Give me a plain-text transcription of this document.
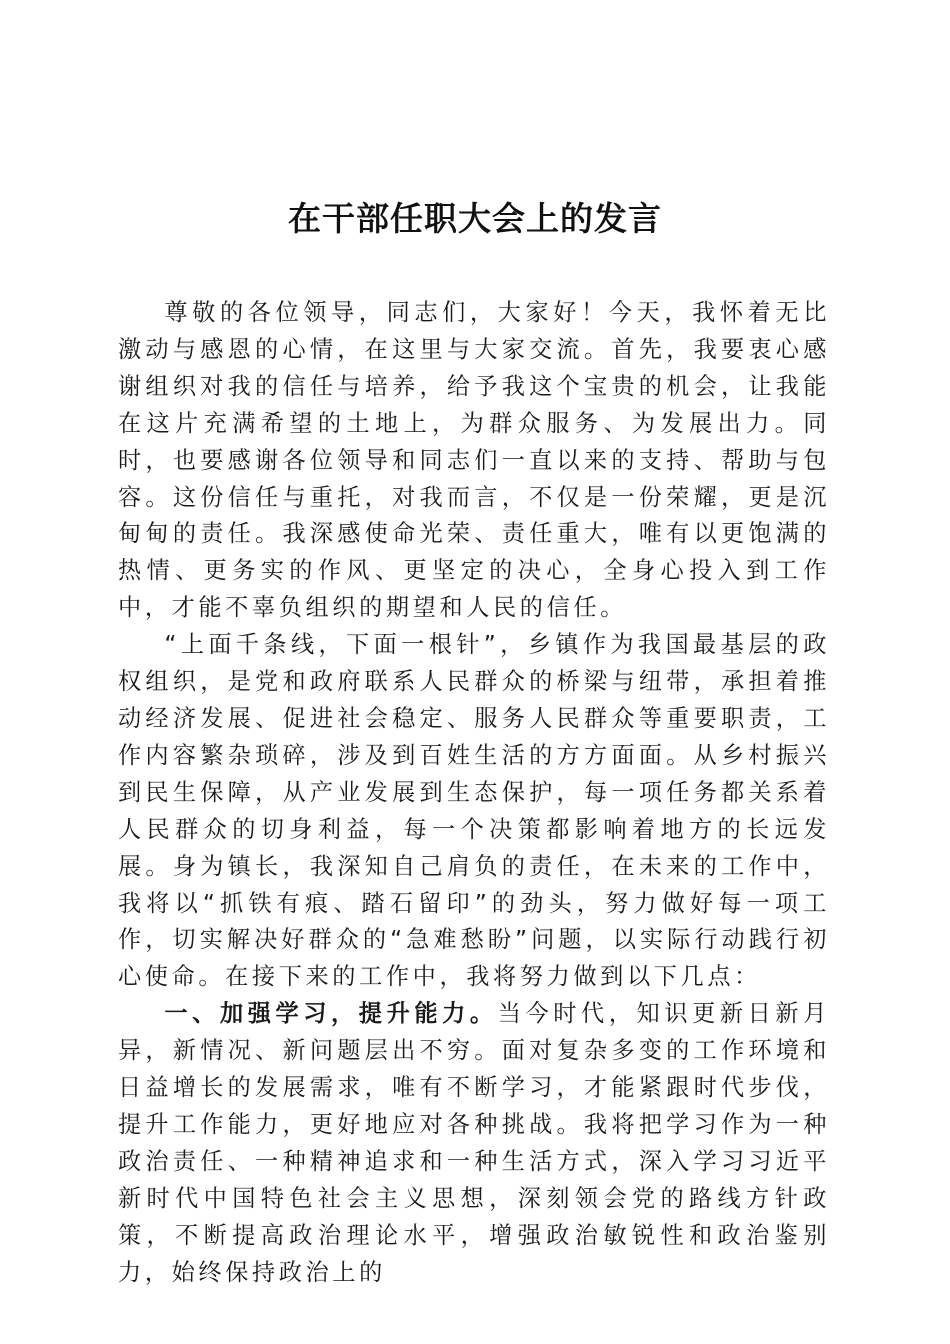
在干部任职大会上的发言

尊敬的各位领导，同志们，大家好！今天，我怀着无比激动与感恩的心情，在这里与大家交流。首先，我要衷心感谢组织对我的信任与培养，给予我这个宝贵的机会，让我能在这片充满希望的土地上，为群众服务、为发展出力。同时，也要感谢各位领导和同志们一直以来的支持、帮助与包容。这份信任与重托，对我而言，不仅是一份荣耀，更是沉甸甸的责任。我深感使命光荣、责任重大，唯有以更饱满的热情、更务实的作风、更坚定的决心，全身心投入到工作中，才能不辜负组织的期望和人民的信任。

“上面千条线，下面一根针”，乡镇作为我国最基层的政权组织，是党和政府联系人民群众的桥梁与纽带，承担着推动经济发展、促进社会稳定、服务人民群众等重要职责，工作内容繁杂琐碎，涉及到百姓生活的方方面面。从乡村振兴到民生保障，从产业发展到生态保护，每一项任务都关系着人民群众的切身利益，每一个决策都影响着地方的长远发展。身为镇长，我深知自己肩负的责任，在未来的工作中，我将以“抓铁有痕、踏石留印”的劲头，努力做好每一项工作，切实解决好群众的“急难愁盼”问题，以实际行动践行初心使命。在接下来的工作中，我将努力做到以下几点：

一、加强学习，提升能力。当今时代，知识更新日新月异，新情况、新问题层出不穷。面对复杂多变的工作环境和日益增长的发展需求，唯有不断学习，才能紧跟时代步伐，提升工作能力，更好地应对各种挑战。我将把学习作为一种政治责任、一种精神追求和一种生活方式，深入学习习近平新时代中国特色社会主义思想，深刻领会党的路线方针政策，不断提高政治理论水平，增强政治敏锐性和政治鉴别力，始终保持政治上的
